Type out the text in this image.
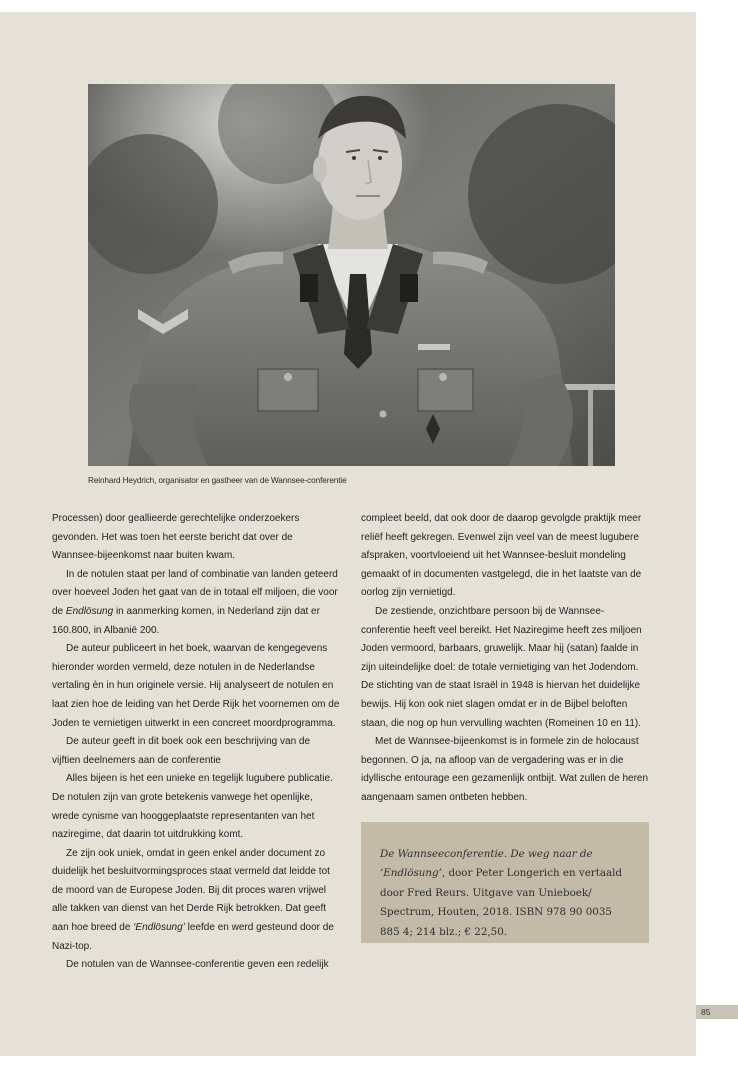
Reinhard Heydrich, organisator en gastheer van de Wannsee-conferentie

Processen) door geallieerde gerechtelijke onderzoekers gevonden. Het was toen het eerste bericht dat over de Wannsee-bijeenkomst naar buiten kwam.

In de notulen staat per land of combinatie van landen geteerd over hoeveel Joden het gaat van de in totaal elf miljoen, die voor de Endlösung in aanmerking komen, in Nederland zijn dat er 160.800, in Albanië 200.

De auteur publiceert in het boek, waarvan de kengegevens hieronder worden vermeld, deze notulen in de Nederlandse vertaling èn in hun originele versie. Hij analyseert de notulen en laat zien hoe de leiding van het Derde Rijk het voornemen om de Joden te vernietigen uitwerkt in een concreet moordprogramma.

De auteur geeft in dit boek ook een beschrijving van de vijftien deelnemers aan de conferentie

Alles bijeen is het een unieke en tegelijk lugubere publicatie. De notulen zijn van grote betekenis vanwege het openlijke, wrede cynisme van hooggeplaatste representanten van het naziregime, dat daarin tot uitdrukking komt.

Ze zijn ook uniek, omdat in geen enkel ander document zo duidelijk het besluitvormingsproces staat vermeld dat leidde tot de moord van de Europese Joden. Bij dit proces waren vrijwel alle takken van dienst van het Derde Rijk betrokken. Dat geeft aan hoe breed de ‘Endlösung’ leefde en werd gesteund door de Nazi-top.

De notulen van de Wannsee-conferentie geven een redelijk

compleet beeld, dat ook door de daarop gevolgde praktijk meer reliëf heeft gekregen. Evenwel zijn veel van de meest lugubere afspraken, voortvloeiend uit het Wannsee-besluit mondeling gemaakt of in documenten vastgelegd, die in het laatste van de oorlog zijn vernietigd.

De zestiende, onzichtbare persoon bij de Wannsee-conferentie heeft veel bereikt. Het Naziregime heeft zes miljoen Joden vermoord, barbaars, gruwelijk. Maar hij (satan) faalde in zijn uiteindelijke doel: de totale vernietiging van het Jodendom. De stichting van de staat Israël in 1948 is hiervan het duidelijke bewijs. Hij kon ook niet slagen omdat er in de Bijbel beloften staan, die nog op hun vervulling wachten (Romeinen 10 en 11).

Met de Wannsee-bijeenkomst is in formele zin de holocaust begonnen. O ja, na afloop van de vergadering was er in die idyllische entourage een gezamenlijk ontbijt. Wat zullen de heren aangenaam samen ontbeten hebben.

De Wannseeconferentie. De weg naar de
‘Endlösung’, door Peter Longerich en vertaald door Fred Reurs. Uitgave van Unieboek/ Spectrum, Houten, 2018. ISBN 978 90 0035 885 4; 214 blz.; € 22,50.
85
